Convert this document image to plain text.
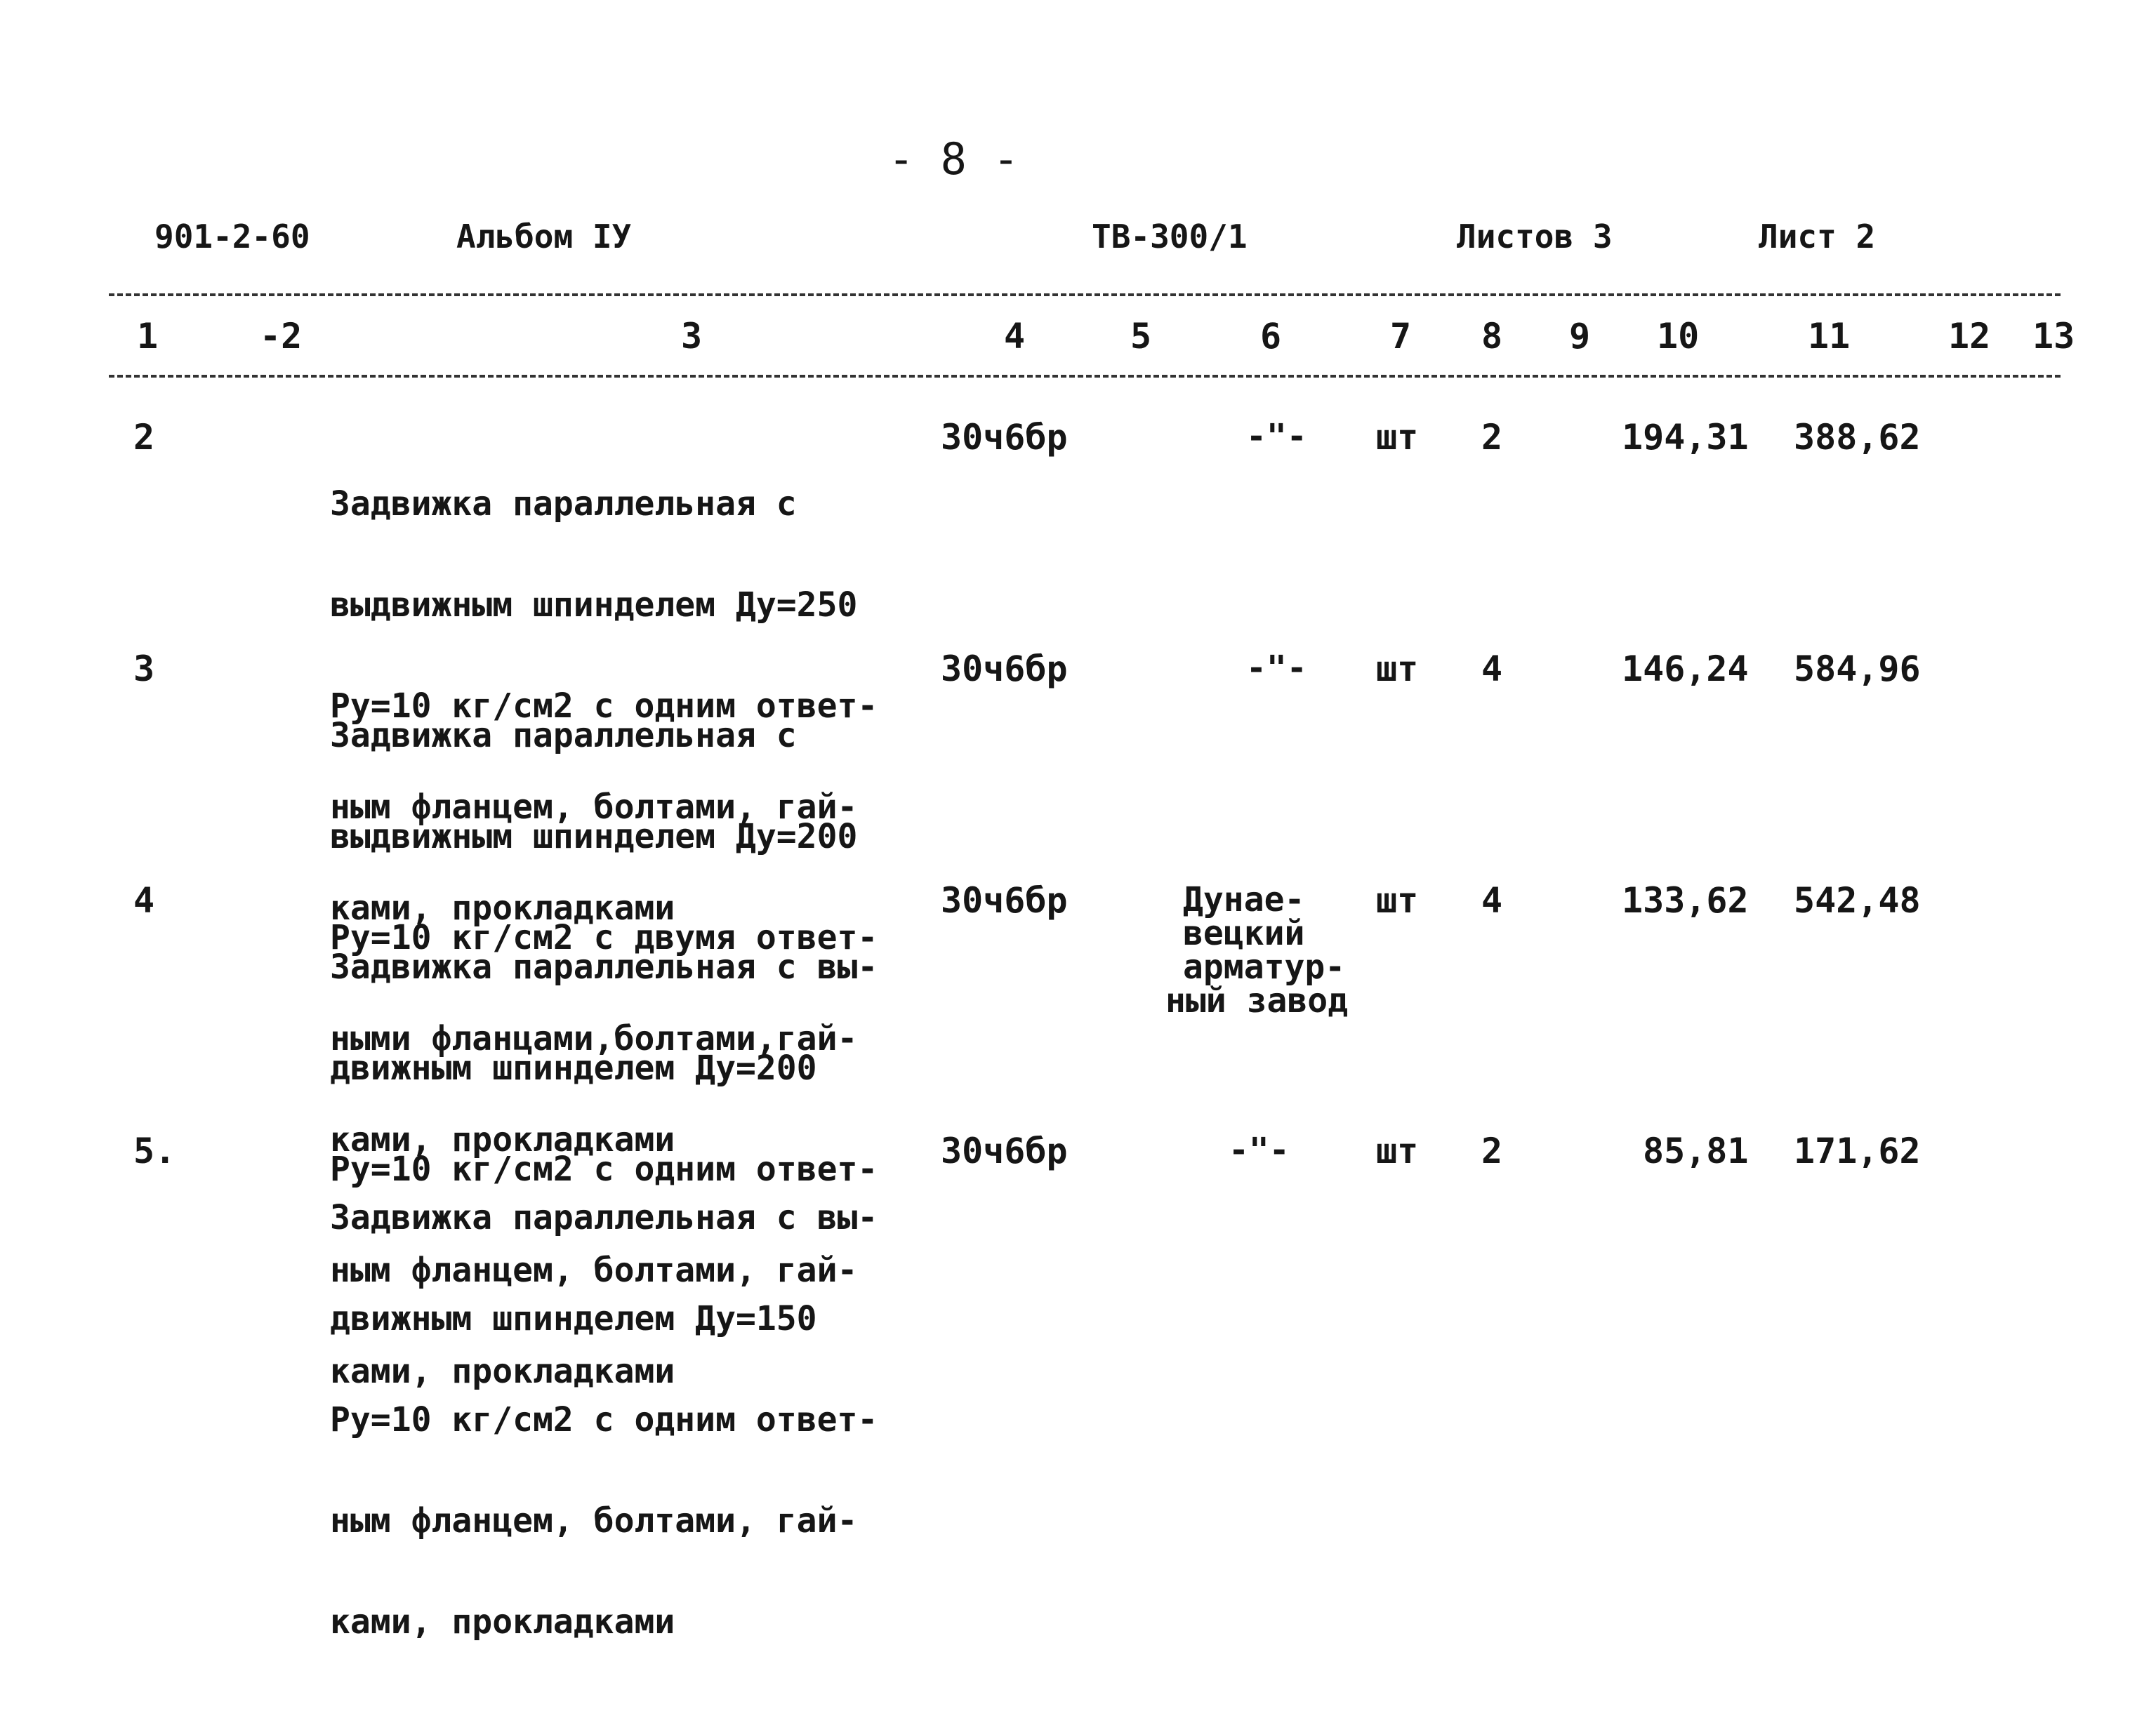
- 8 -
901-2-60	Альбом IУ	ТВ-300/1	Листов 3	Лист 2
1	-2	3	4	5	6	7 8 9 10	11	12 13
2

Задвижка параллельная с

выдвижным шпинделем Ду=250

Ру=10 кг/см2 с одним ответ-

ным фланцем, болтами, гай-

ками, прокладками

30ч6бр	-"- шт 2	194,31 388,62
3

Задвижка параллельная с

выдвижным шпинделем Ду=200

Ру=10 кг/см2 с двумя ответ-

ными фланцами,болтами,гай-

ками, прокладками

30ч6бр	-"- шт 4	146,24 584,96
4

Задвижка параллельная с вы-

движным шпинделем Ду=200

Ру=10 кг/см2 с одним ответ-

ным фланцем, болтами, гай-

ками, прокладками

30ч6бр	Дунае-
вецкий
арматур-
ный завод
шт 4	133,62 542,48
5.

Задвижка параллельная с вы-

движным шпинделем Ду=150

Ру=10 кг/см2 с одним ответ-

ным фланцем, болтами, гай-

ками, прокладками

30ч6бр	-"- шт 2	85,81 171,62
